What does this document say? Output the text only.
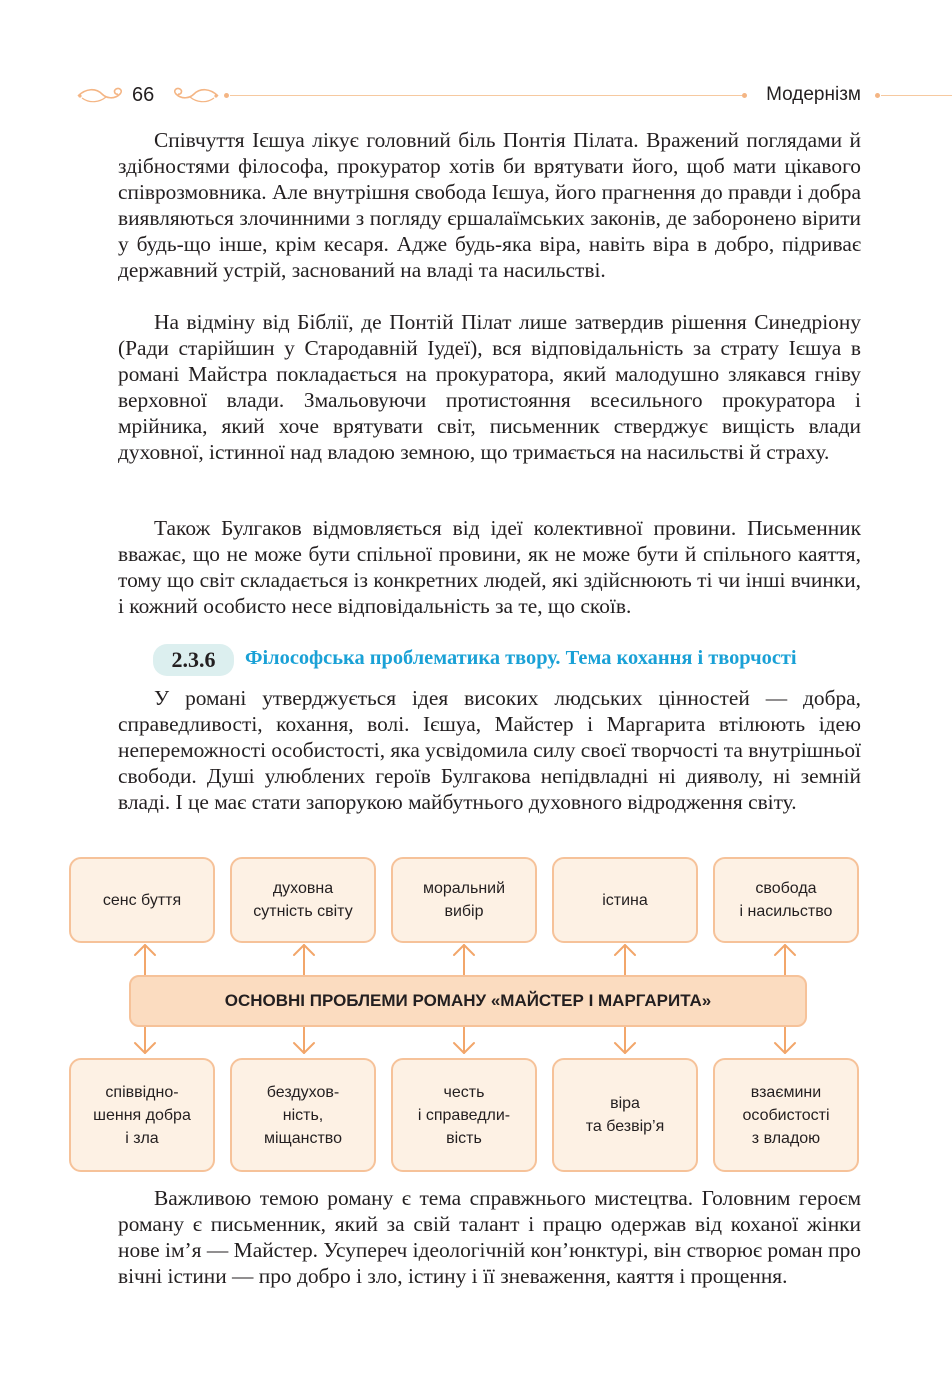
66	Модернізм

Співчуття Ієшуа лікує головний біль Понтія Пілата. Вражений поглядами й здібностями філософа, прокуратор хотів би врятувати його, щоб мати цікавого співрозмовника. Але внутрішня свобода Ієшуа, його прагнення до правди і добра виявляються злочинними з погляду єршалаїмських законів, де заборонено вірити у будь-що інше, крім кесаря. Адже будь-яка віра, навіть віра в добро, підриває державний устрій, заснований на владі та насильстві.

На відміну від Біблії, де Понтій Пілат лише затвердив рішення Синедріону (Ради старійшин у Стародавній Іудеї), вся відповідальність за страту Ієшуа в романі Майстра покладається на прокуратора, який малодушно злякався гніву верховної влади. Змальовуючи протистояння всесильного прокуратора і мрійника, який хоче врятувати світ, письменник стверджує вищість влади духовної, істинної над владою земною, що тримається на насильстві й страху.

Також Булгаков відмовляється від ідеї колективної провини. Письменник вважає, що не може бути спільної провини, як не може бути й спільного каяття, тому що світ складається із конкретних людей, які здійснюють ті чи інші вчинки, і кожний особисто несе відповідальність за те, що скоїв.

2.3.6	Філософська проблематика твору. Тема кохання і творчості

У романі утверджується ідея високих людських цінностей — добра, справедливості, кохання, волі. Ієшуа, Майстер і Маргарита втілюють ідею непереможності особистості, яка усвідомила силу своєї творчості та внутрішньої свободи. Душі улюблених героїв Булгакова непідвладні ні дияволу, ні земній владі. І це має стати запорукою майбутнього духовного відродження світу.

сенс буття
духовна
сутність світу
моральний
вибір
істина
свобода
і насильство
ОСНОВНІ ПРОБЛЕМИ РОМАНУ «МАЙСТЕР І МАРГАРИТА»
співвідно-
шення добра
і зла
бездухов-
ність,
міщанство
честь
і справедли-
вість
віра
та безвір’я
взаємини
особистості
з владою

Важливою темою роману є тема справжнього мистецтва. Головним героєм роману є письменник, який за свій талант і працю одержав від коханої жінки нове ім’я — Майстер. Усупереч ідеологічній кон’юнктурі, він створює роман про вічні істини — про добро і зло, істину і її зневаження, каяття і прощення.
